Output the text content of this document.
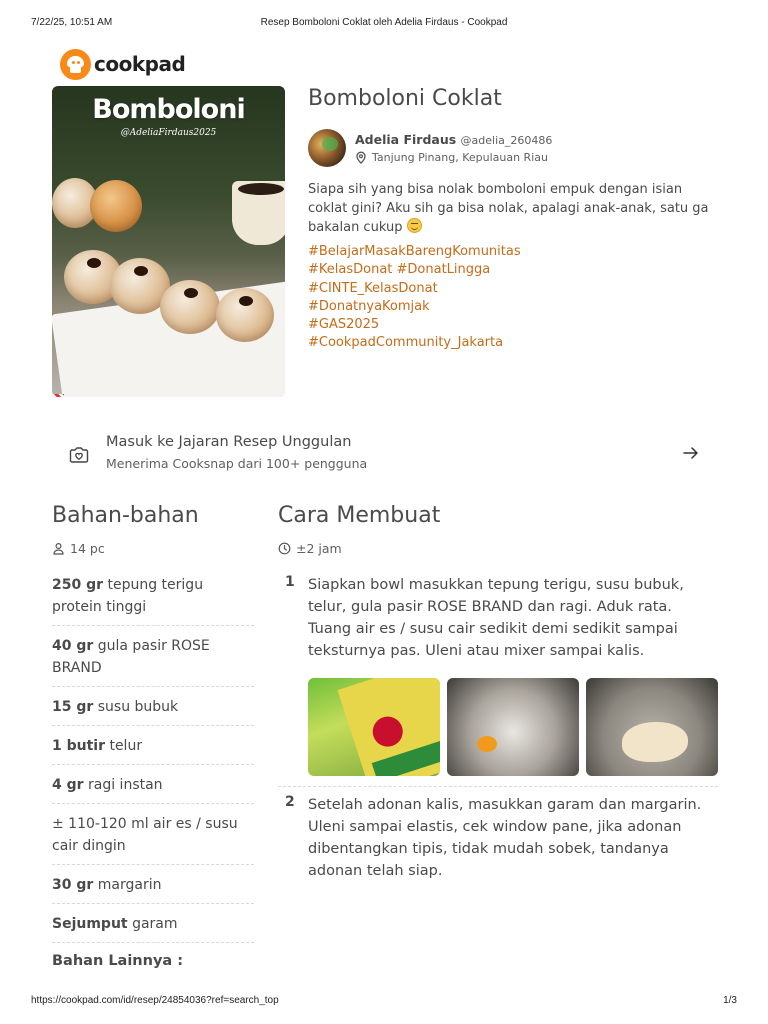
7/22/25, 10:51 AM	Resep Bomboloni Coklat oleh Adelia Firdaus - Cookpad
cookpad
Bomboloni
@AdeliaFirdaus2025
Bomboloni Coklat
Adelia Firdaus @adelia_260486
Tanjung Pinang, Kepulauan Riau

Siapa sih yang bisa nolak bomboloni empuk dengan isian coklat gini? Aku sih ga bisa nolak, apalagi anak-anak, satu ga bakalan cukup

#BelajarMasakBarengKomunitas
#KelasDonat #DonatLingga
#CINTE_KelasDonat
#DonatnyaKomjak
#GAS2025
#CookpadCommunity_Jakarta
Masuk ke Jajaran Resep Unggulan
Menerima Cooksnap dari 100+ pengguna
Bahan-bahan
14 pc
250 gr tepung terigu protein tinggi
40 gr gula pasir ROSE BRAND
15 gr susu bubuk
1 butir telur
4 gr ragi instan
± 110-120 ml air es / susu cair dingin
30 gr margarin
Sejumput garam
Bahan Lainnya :
Cara Membuat
±2 jam
1 Siapkan bowl masukkan tepung terigu, susu bubuk, telur, gula pasir ROSE BRAND dan ragi. Aduk rata. Tuang air es / susu cair sedikit demi sedikit sampai teksturnya pas. Uleni atau mixer sampai kalis.

2 Setelah adonan kalis, masukkan garam dan margarin. Uleni sampai elastis, cek window pane, jika adonan dibentangkan tipis, tidak mudah sobek, tandanya adonan telah siap.

https://cookpad.com/id/resep/24854036?ref=search_top	1/3
